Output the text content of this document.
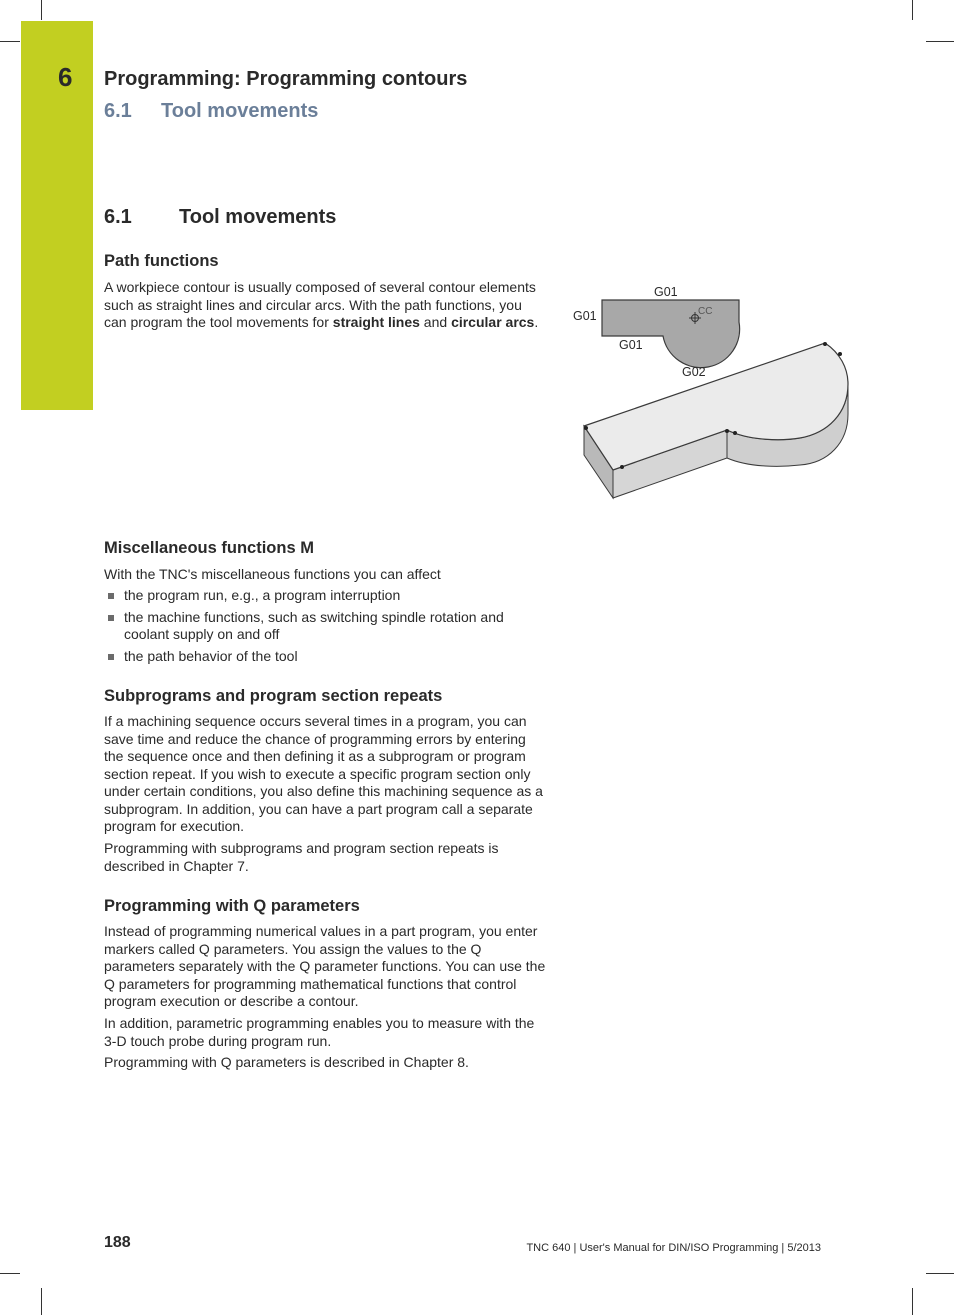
6 Programming: Programming contours
6.1 Tool movements
6.1 Tool movements
Path functions

A workpiece contour is usually composed of several contour elements such as straight lines and circular arcs. With the path functions, you can program the tool movements for straight lines and circular arcs.

CC
G01
G01
G01
G02
Miscellaneous functions M

With the TNC's miscellaneous functions you can affect

the program run, e.g., a program interruption
the machine functions, such as switching spindle rotation and coolant supply on and off
the path behavior of the tool
Subprograms and program section repeats

If a machining sequence occurs several times in a program, you can save time and reduce the chance of programming errors by entering the sequence once and then defining it as a subprogram or program section repeat. If you wish to execute a specific program section only under certain conditions, you also define this machining sequence as a subprogram. In addition, you can have a part program call a separate program for execution.

Programming with subprograms and program section repeats is described in Chapter 7.

Programming with Q parameters

Instead of programming numerical values in a part program, you enter markers called Q parameters. You assign the values to the Q parameters separately with the Q parameter functions. You can use the Q parameters for programming mathematical functions that control program execution or describe a contour.

In addition, parametric programming enables you to measure with the 3-D touch probe during program run.

Programming with Q parameters is described in Chapter 8.

188	TNC 640 | User's Manual for DIN/ISO Programming | 5/2013
